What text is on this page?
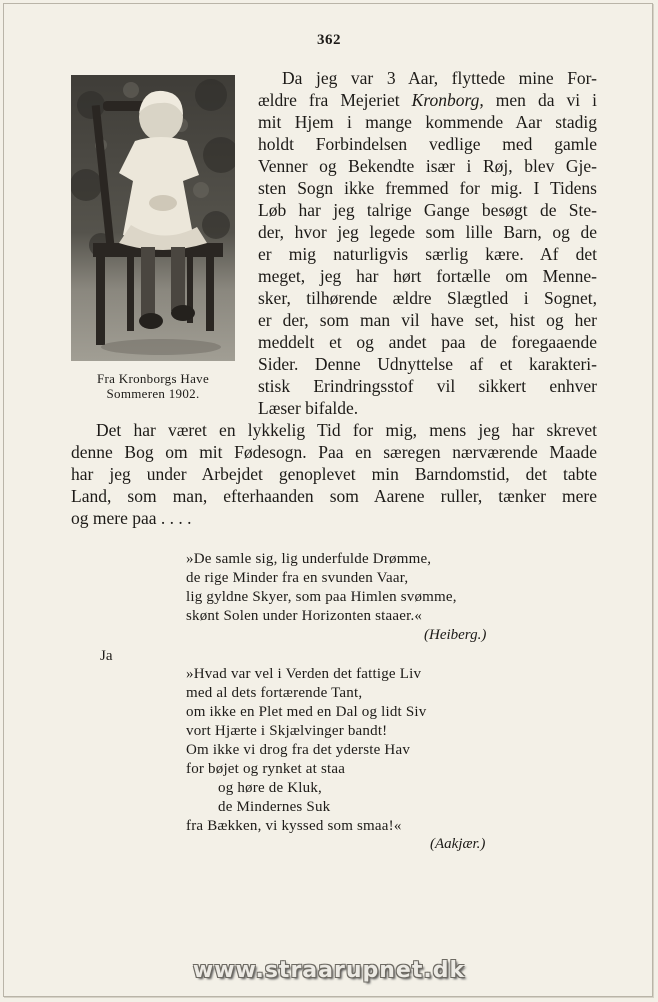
362
Fra Kronborgs Have
Sommeren 1902.
Da jeg var 3 Aar, flyttede mine For-
ældre fra Mejeriet Kronborg, men da vi i
mit Hjem i mange kommende Aar stadig
holdt Forbindelsen vedlige med gamle
Venner og Bekendte især i Røj, blev Gje-
sten Sogn ikke fremmed for mig. I Tidens
Løb har jeg talrige Gange besøgt de Ste-
der, hvor jeg legede som lille Barn, og de
er mig naturligvis særlig kære. Af det
meget, jeg har hørt fortælle om Menne-
sker, tilhørende ældre Slægtled i Sognet,
er der, som man vil have set, hist og her
meddelt et og andet paa de foregaaende
Sider. Denne Udnyttelse af et karakteri-
stisk Erindringsstof vil sikkert enhver
Læser bifalde.
Det har været en lykkelig Tid for mig, mens jeg har skrevet
denne Bog om mit Fødesogn. Paa en særegen nærværende Maade
har jeg under Arbejdet genoplevet min Barndomstid, det tabte
Land, som man, efterhaanden som Aarene ruller, tænker mere
og mere paa . . . .
»De samle sig, lig underfulde Drømme,
de rige Minder fra en svunden Vaar,
lig gyldne Skyer, som paa Himlen svømme,
skønt Solen under Horizonten staaer.«
(Heiberg.)
Ja
»Hvad var vel i Verden det fattige Liv
med al dets fortærende Tant,
om ikke en Plet med en Dal og lidt Siv
vort Hjærte i Skjælvinger bandt!
Om ikke vi drog fra det yderste Hav
for bøjet og rynket at staa
og høre de Kluk,
de Mindernes Suk
fra Bækken, vi kyssed som smaa!«
(Aakjær.)
www.straarupnet.dk
